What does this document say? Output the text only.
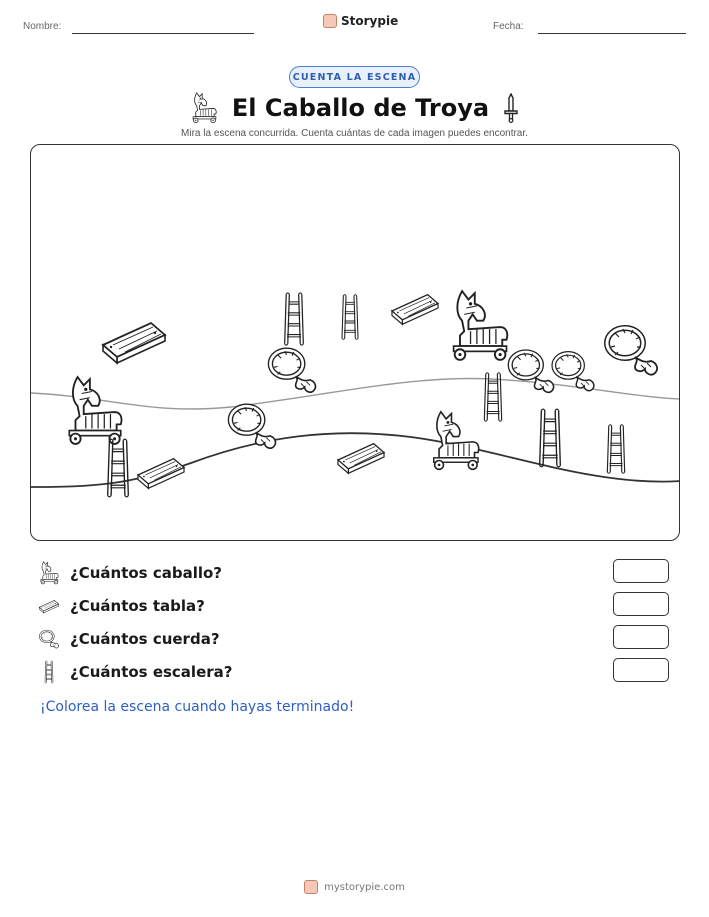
Nombre:	Storypie	Fecha:
CUENTA LA ESCENA
El Caballo de Troya
Mira la escena concurrida. Cuenta cuántas de cada imagen puedes encontrar.
¿Cuántos caballo?
¿Cuántos tabla?
¿Cuántos cuerda?
¿Cuántos escalera?
¡Colorea la escena cuando hayas terminado!
mystorypie.com
